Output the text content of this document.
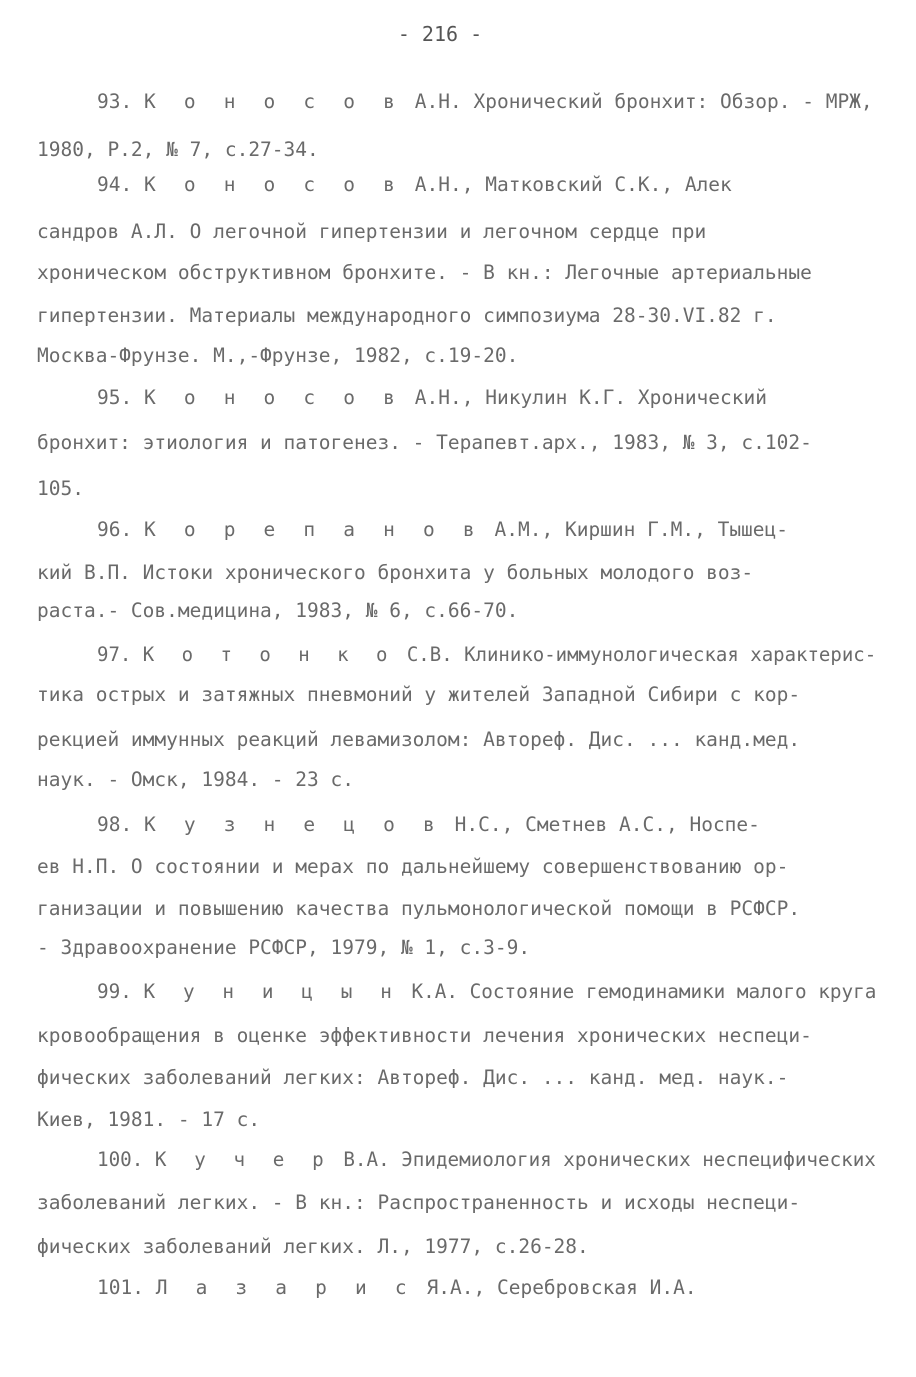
- 216 -
93. К о н о с о в А.Н. Хронический бронхит: Обзор. - МРЖ,
1980, Р.2, № 7, с.27-34.
94. К о н о с о в А.Н., Матковский С.К., Алек
сандров А.Л. О легочной гипертензии и легочном сердце при
хроническом обструктивном бронхите. - В кн.: Легочные артериальные
гипертензии. Материалы международного симпозиума 28-30.VI.82 г.
Москва-Фрунзе. М.,-Фрунзе, 1982, с.19-20.
95. К о н о с о в А.Н., Никулин К.Г. Хронический
бронхит: этиология и патогенез. - Терапевт.арх., 1983, № 3, с.102-
105.
96. К о р е п а н о в А.М., Киршин Г.М., Тышец-
кий В.П. Истоки хронического бронхита у больных молодого воз-
раста.- Сов.медицина, 1983, № 6, с.66-70.
97. К о т о н к о С.В. Клинико-иммунологическая характерис-
тика острых и затяжных пневмоний у жителей Западной Сибири с кор-
рекцией иммунных реакций левамизолом: Автореф. Дис. ... канд.мед.
наук. - Омск, 1984. - 23 с.
98. К у з н е ц о в Н.С., Сметнев А.С., Носпе-
ев Н.П. О состоянии и мерах по дальнейшему совершенствованию ор-
ганизации и повышению качества пульмонологической помощи в РСФСР.
- Здравоохранение РСФСР, 1979, № 1, с.3-9.
99. К у н и ц ы н К.А. Состояние гемодинамики малого круга
кровообращения в оценке эффективности лечения хронических неспеци-
фических заболеваний легких: Автореф. Дис. ... канд. мед. наук.-
Киев, 1981. - 17 с.
100. К у ч е р В.А. Эпидемиология хронических неспецифических
заболеваний легких. - В кн.: Распространенность и исходы неспеци-
фических заболеваний легких. Л., 1977, с.26-28.
101. Л а з а р и с Я.А., Серебровская И.А.
